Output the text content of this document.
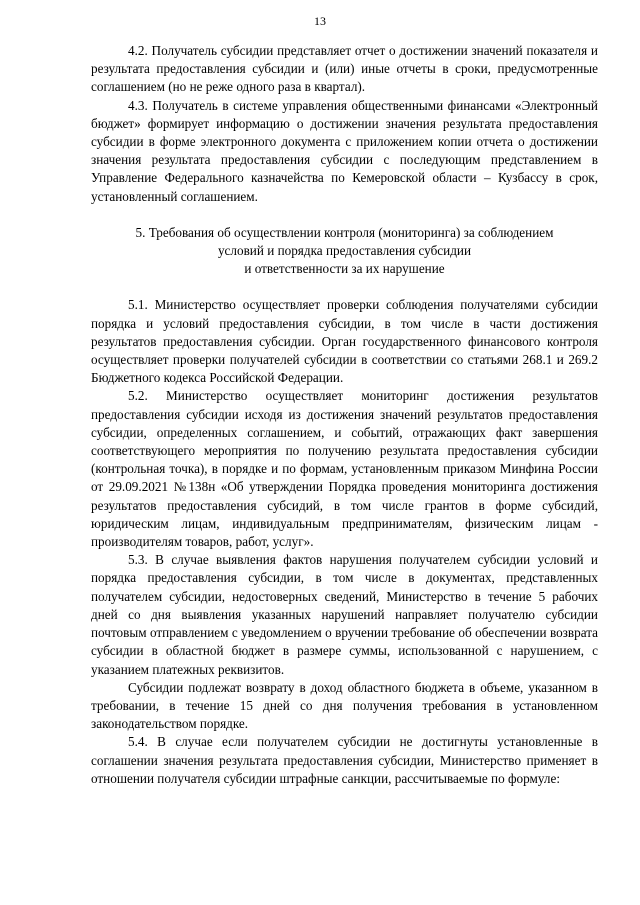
13

4.2. Получатель субсидии представляет отчет о достижении значений показателя и результата предоставления субсидии и (или) иные отчеты в сроки, предусмотренные соглашением (но не реже одного раза в квартал).

4.3. Получатель в системе управления общественными финансами «Электронный бюджет» формирует информацию о достижении значения результата предоставления субсидии в форме электронного документа с приложением копии отчета о достижении значения результата предоставления субсидии с последующим представлением в Управление Федерального казначейства по Кемеровской области – Кузбассу в срок, установленный соглашением.

5. Требования об осуществлении контроля (мониторинга) за соблюдением
условий и порядка предоставления субсидии
и ответственности за их нарушение

5.1. Министерство осуществляет проверки соблюдения получателями субсидии порядка и условий предоставления субсидии, в том числе в части достижения результатов предоставления субсидии. Орган государственного финансового контроля осуществляет проверки получателей субсидии в соответствии со статьями 268.1 и 269.2 Бюджетного кодекса Российской Федерации.

5.2. Министерство осуществляет мониторинг достижения результатов предоставления субсидии исходя из достижения значений результатов предоставления субсидии, определенных соглашением, и событий, отражающих факт завершения соответствующего мероприятия по получению результата предоставления субсидии (контрольная точка), в порядке и по формам, установленным приказом Минфина России от 29.09.2021 №138н «Об утверждении Порядка проведения мониторинга достижения результатов предоставления субсидий, в том числе грантов в форме субсидий, юридическим лицам, индивидуальным предпринимателям, физическим лицам - производителям товаров, работ, услуг».

5.3. В случае выявления фактов нарушения получателем субсидии условий и порядка предоставления субсидии, в том числе в документах, представленных получателем субсидии, недостоверных сведений, Министерство в течение 5 рабочих дней со дня выявления указанных нарушений направляет получателю субсидии почтовым отправлением с уведомлением о вручении требование об обеспечении возврата субсидии в областной бюджет в размере суммы, использованной с нарушением, с указанием платежных реквизитов.

Субсидии подлежат возврату в доход областного бюджета в объеме, указанном в требовании, в течение 15 дней со дня получения требования в установленном законодательством порядке.

5.4. В случае если получателем субсидии не достигнуты установленные в соглашении значения результата предоставления субсидии, Министерство применяет в отношении получателя субсидии штрафные санкции, рассчитываемые по формуле:
